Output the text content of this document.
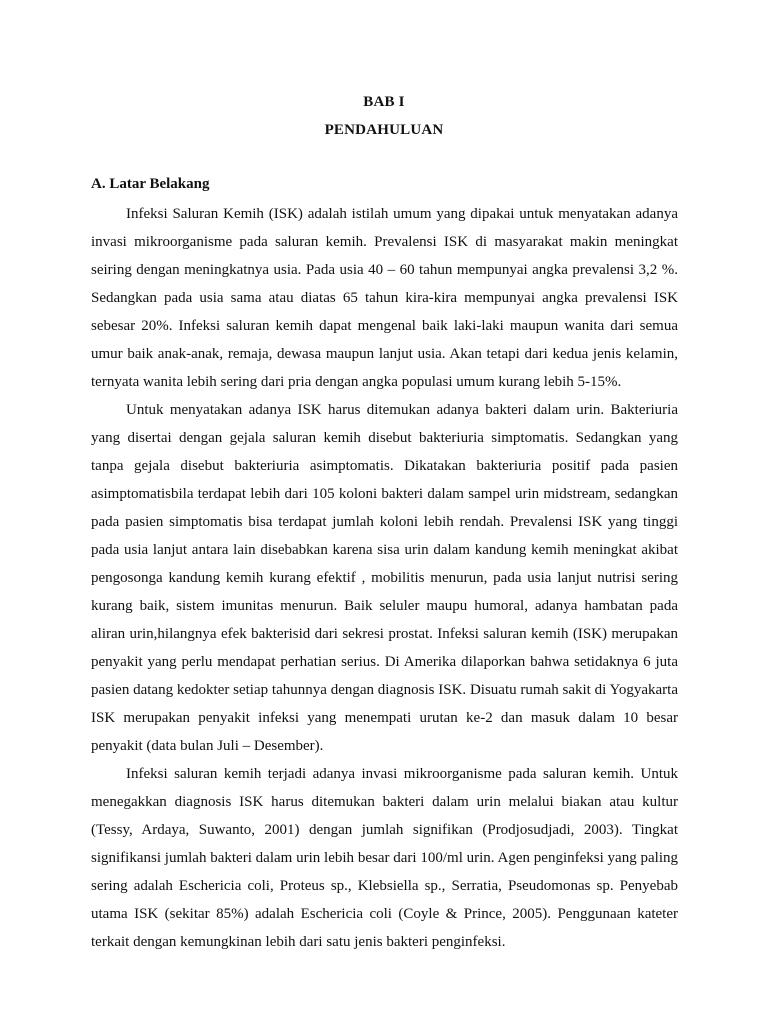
BAB I
PENDAHULUAN
A. Latar Belakang

Infeksi Saluran Kemih (ISK) adalah istilah umum yang dipakai untuk menyatakan adanya invasi mikroorganisme pada saluran kemih. Prevalensi ISK di masyarakat makin meningkat seiring dengan meningkatnya usia. Pada usia 40 – 60 tahun mempunyai angka prevalensi 3,2 %. Sedangkan pada usia sama atau diatas 65 tahun kira-kira mempunyai angka prevalensi ISK sebesar 20%. Infeksi saluran kemih dapat mengenal baik laki-laki maupun wanita dari semua umur baik anak-anak, remaja, dewasa maupun lanjut usia. Akan tetapi dari kedua jenis kelamin, ternyata wanita lebih sering dari pria dengan angka populasi umum kurang lebih 5-15%.

Untuk menyatakan adanya ISK harus ditemukan adanya bakteri dalam urin. Bakteriuria yang disertai dengan gejala saluran kemih disebut bakteriuria simptomatis. Sedangkan yang tanpa gejala disebut bakteriuria asimptomatis. Dikatakan bakteriuria positif pada pasien asimptomatisbila terdapat lebih dari 105 koloni bakteri dalam sampel urin midstream, sedangkan pada pasien simptomatis bisa terdapat jumlah koloni lebih rendah. Prevalensi ISK yang tinggi pada usia lanjut antara lain disebabkan karena sisa urin dalam kandung kemih meningkat akibat pengosonga kandung kemih kurang efektif , mobilitis menurun, pada usia lanjut nutrisi sering kurang baik, sistem imunitas menurun. Baik seluler maupu humoral, adanya hambatan pada aliran urin,hilangnya efek bakterisid dari sekresi prostat. Infeksi saluran kemih (ISK) merupakan penyakit yang perlu mendapat perhatian serius. Di Amerika dilaporkan bahwa setidaknya 6 juta pasien datang kedokter setiap tahunnya dengan diagnosis ISK. Disuatu rumah sakit di Yogyakarta ISK merupakan penyakit infeksi yang menempati urutan ke-2 dan masuk dalam 10 besar penyakit (data bulan Juli – Desember).

Infeksi saluran kemih terjadi adanya invasi mikroorganisme pada saluran kemih. Untuk menegakkan diagnosis ISK harus ditemukan bakteri dalam urin melalui biakan atau kultur (Tessy, Ardaya, Suwanto, 2001) dengan jumlah signifikan (Prodjosudjadi, 2003). Tingkat signifikansi jumlah bakteri dalam urin lebih besar dari 100/ml urin. Agen penginfeksi yang paling sering adalah Eschericia coli, Proteus sp., Klebsiella sp., Serratia, Pseudomonas sp. Penyebab utama ISK (sekitar 85%) adalah Eschericia coli (Coyle & Prince, 2005). Penggunaan kateter terkait dengan kemungkinan lebih dari satu jenis bakteri penginfeksi.
